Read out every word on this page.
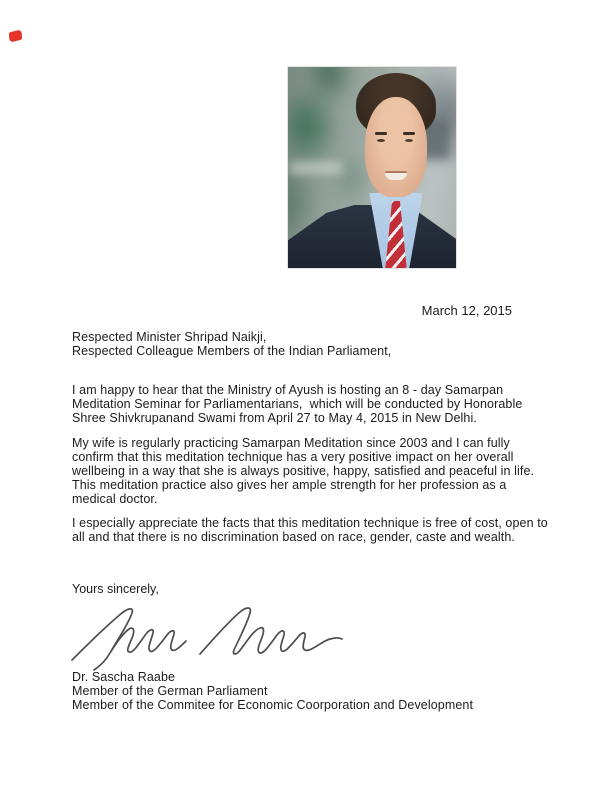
March 12, 2015
Respected Minister Shripad Naikji,
Respected Colleague Members of the Indian Parliament,
I am happy to hear that the Ministry of Ayush is hosting an 8 - day Samarpan
Meditation Seminar for Parliamentarians,  which will be conducted by Honorable
Shree Shivkrupanand Swami from April 27 to May 4, 2015 in New Delhi.
My wife is regularly practicing Samarpan Meditation since 2003 and I can fully
confirm that this meditation technique has a very positive impact on her overall
wellbeing in a way that she is always positive, happy, satisfied and peaceful in life.
This meditation practice also gives her ample strength for her profession as a
medical doctor.
I especially appreciate the facts that this meditation technique is free of cost, open to
all and that there is no discrimination based on race, gender, caste and wealth.
Yours sincerely,
Dr. Sascha Raabe
Member of the German Parliament
Member of the Commitee for Economic Coorporation and Development
